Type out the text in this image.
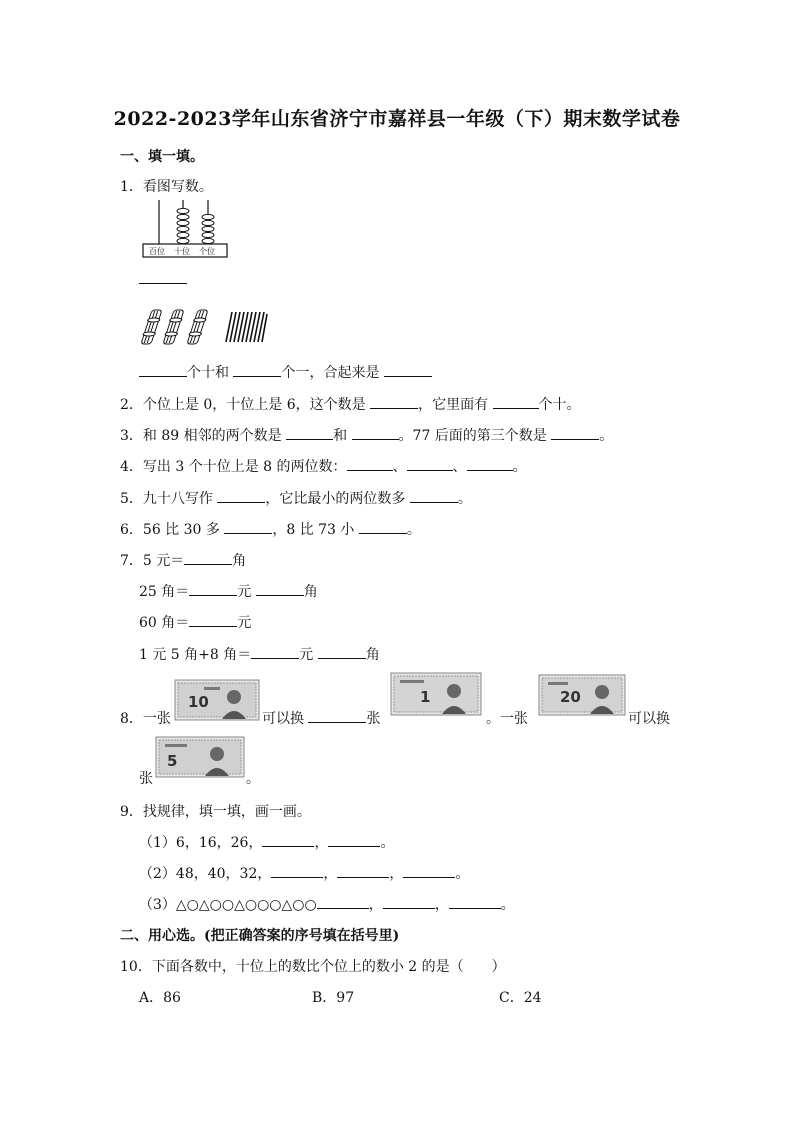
2022-2023学年山东省济宁市嘉祥县一年级（下）期末数学试卷
一、填一填。
1．看图写数。
百位 十位 个位
个十和	个一，合起来是
2．个位上是 0，十位上是 6，这个数是	，它里面有	个十。
3．和 89 相邻的两个数是	和	。77 后面的第三个数是	。
4．写出 3 个十位上是 8 的两位数：	、	、	。
5．九十八写作	，它比最小的两位数多	。
6．56 比 30 多	，8 比 73 小	。
7．5 元＝	角
25 角＝	元	角
60 角＝	元
1 元 5 角+8 角＝	元	角
8．一张
10
可以换	张
1
。一张
20
可以换
张
5
。
9．找规律，填一填，画一画。
（1）6，16，26，	，	。
（2）48，40，32，	，	，	。
（3）△○△○○△○○○△○○	，	，	。
二、用心选。(把正确答案的序号填在括号里)
10．下面各数中，十位上的数比个位上的数小 2 的是（　　）
A．86	B．97	C．24
